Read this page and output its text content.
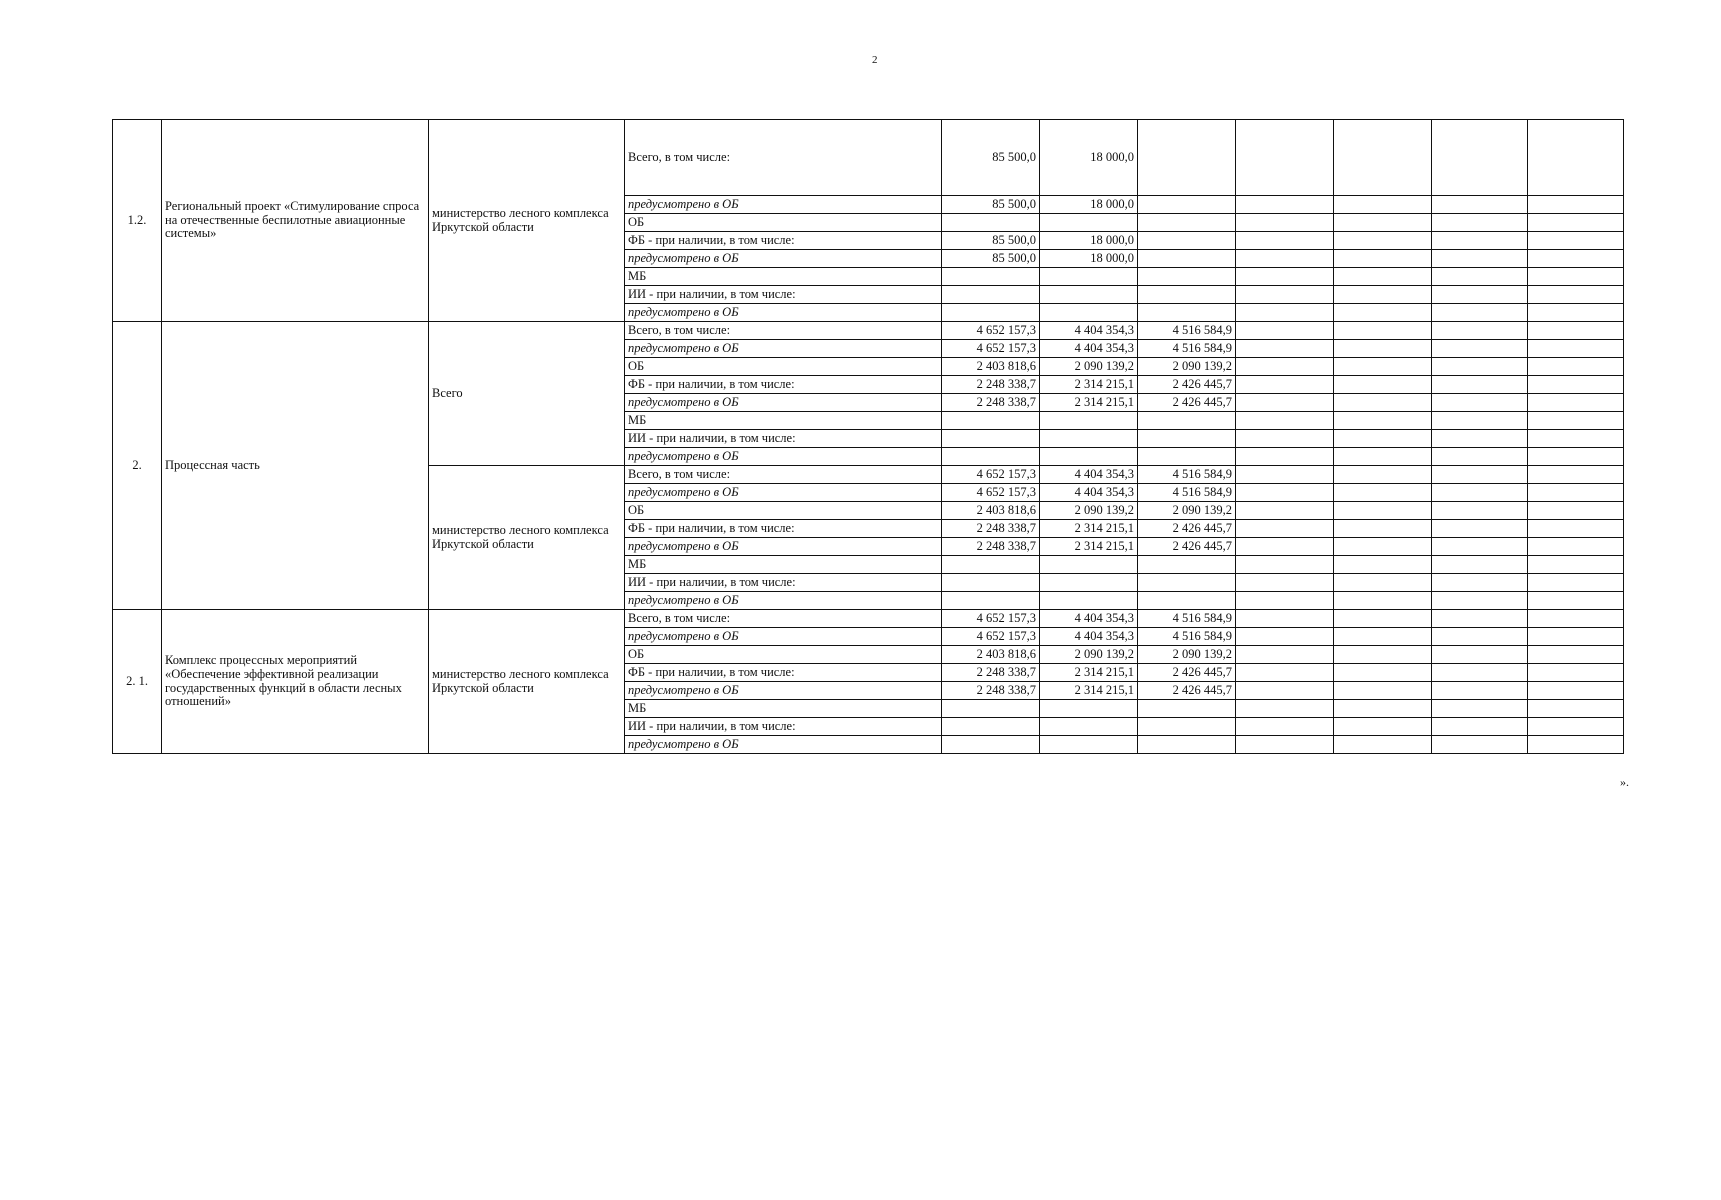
2
1.2.	Региональный проект «Стимулирование спроса на отечественные беспилотные авиационные системы»	министерство лесного комплекса Иркутской области	Всего, в том числе:	85 500,0	18 000,0					
			предусмотрено в ОБ	85 500,0	18 000,0					
			ОБ							
			ФБ - при наличии, в том числе:	85 500,0	18 000,0					
			предусмотрено в ОБ	85 500,0	18 000,0					
			МБ							
			ИИ - при наличии, в том числе:							
			предусмотрено в ОБ							
2.	Процессная часть	Всего	Всего, в том числе:	4 652 157,3	4 404 354,3	4 516 584,9				
			предусмотрено в ОБ	4 652 157,3	4 404 354,3	4 516 584,9				
			ОБ	2 403 818,6	2 090 139,2	2 090 139,2				
			ФБ - при наличии, в том числе:	2 248 338,7	2 314 215,1	2 426 445,7				
			предусмотрено в ОБ	2 248 338,7	2 314 215,1	2 426 445,7				
			МБ							
			ИИ - при наличии, в том числе:							
			предусмотрено в ОБ							
		министерство лесного комплекса Иркутской области	Всего, в том числе:	4 652 157,3	4 404 354,3	4 516 584,9				
			предусмотрено в ОБ	4 652 157,3	4 404 354,3	4 516 584,9				
			ОБ	2 403 818,6	2 090 139,2	2 090 139,2				
			ФБ - при наличии, в том числе:	2 248 338,7	2 314 215,1	2 426 445,7				
			предусмотрено в ОБ	2 248 338,7	2 314 215,1	2 426 445,7				
			МБ							
			ИИ - при наличии, в том числе:							
			предусмотрено в ОБ							
2. 1.	Комплекс процессных мероприятий «Обеспечение эффективной реализации государственных функций в области лесных отношений»	министерство лесного комплекса Иркутской области	Всего, в том числе:	4 652 157,3	4 404 354,3	4 516 584,9				
			предусмотрено в ОБ	4 652 157,3	4 404 354,3	4 516 584,9				
			ОБ	2 403 818,6	2 090 139,2	2 090 139,2				
			ФБ - при наличии, в том числе:	2 248 338,7	2 314 215,1	2 426 445,7				
			предусмотрено в ОБ	2 248 338,7	2 314 215,1	2 426 445,7				
			МБ							
			ИИ - при наличии, в том числе:							
			предусмотрено в ОБ							
».
